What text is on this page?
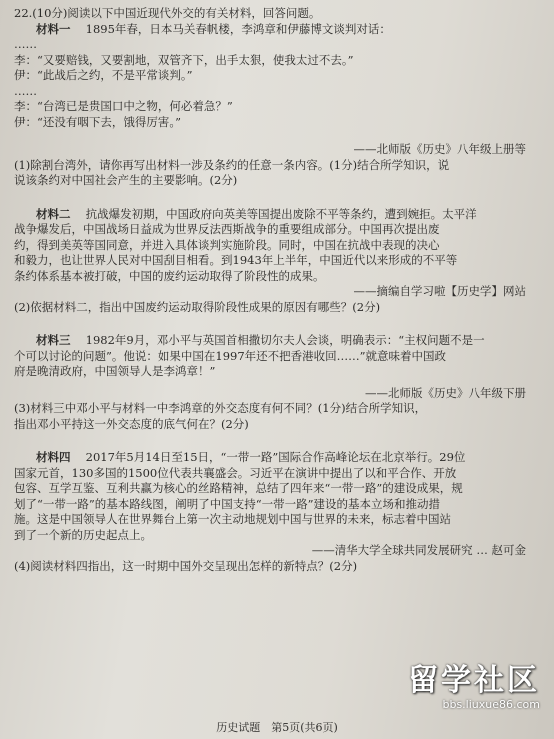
22.(10分)阅读以下中国近现代外交的有关材料，回答问题。
材料一　 1895年春，日本马关春帆楼，李鸿章和伊藤博文谈判对话：
……
李：“又要赔钱，又要割地，双管齐下，出手太狠，使我太过不去。”
伊：“此战后之约，不是平常谈判。”
……
李：“台湾已是贵国口中之物，何必着急？”
伊：“还没有咽下去，饿得厉害。”
——北师版《历史》八年级上册等
(1)除割台湾外，请你再写出材料一涉及条约的任意一条内容。(1分)结合所学知识，说
说该条约对中国社会产生的主要影响。(2分)
材料二　 抗战爆发初期，中国政府向英美等国提出废除不平等条约，遭到婉拒。太平洋
战争爆发后，中国战场日益成为世界反法西斯战争的重要组成部分。中国再次提出废
约，得到美英等国同意，并进入具体谈判实施阶段。同时，中国在抗战中表现的决心
和毅力，也让世界人民对中国刮目相看。到1943年上半年，中国近代以来形成的不平等
条约体系基本被打破，中国的废约运动取得了阶段性的成果。
——摘编自学习啦【历史学】网站
(2)依据材料二，指出中国废约运动取得阶段性成果的原因有哪些？(2分)
材料三　 1982年9月，邓小平与英国首相撒切尔夫人会谈，明确表示：“主权问题不是一
个可以讨论的问题”。他说：如果中国在1997年还不把香港收回……”就意味着中国政
府是晚清政府，中国领导人是李鸿章！”
——北师版《历史》八年级下册
(3)材料三中邓小平与材料一中李鸿章的外交态度有何不同？(1分)结合所学知识，
指出邓小平持这一外交态度的底气何在？(2分)
材料四　 2017年5月14日至15日，“一带一路”国际合作高峰论坛在北京举行。29位
国家元首，130多国的1500位代表共襄盛会。习近平在演讲中提出了以和平合作、开放
包容、互学互鉴、互利共赢为核心的丝路精神，总结了四年来“一带一路”的建设成果，规
划了“一带一路”的基本路线图，阐明了中国支持“一带一路”建设的基本立场和推动措
施。这是中国领导人在世界舞台上第一次主动地规划中国与世界的未来，标志着中国站
到了一个新的历史起点上。
——清华大学全球共同发展研究 … 赵可金
(4)阅读材料四指出，这一时期中国外交呈现出怎样的新特点？(2分)
留学社区
bbs.liuxue86.com
历史试题　第5页(共6页)
